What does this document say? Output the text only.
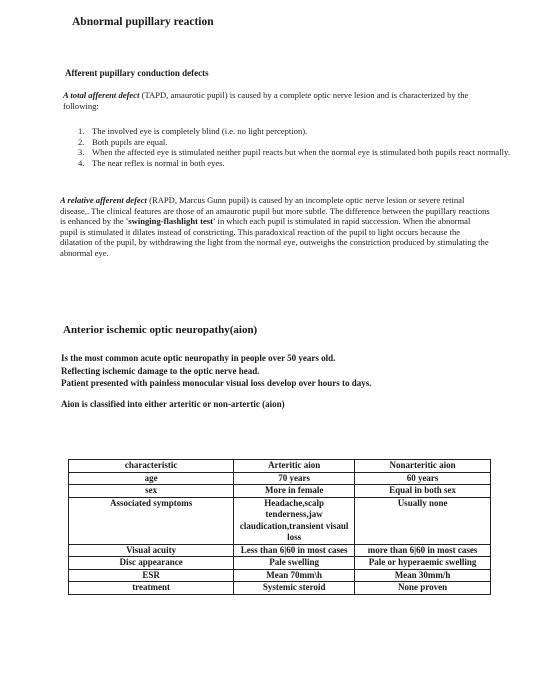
Abnormal pupillary reaction
Afferent pupillary conduction defects
A total afferent defect (TAPD, amaurotic pupil) is caused by a complete optic nerve lesion and is characterized by the following:
1. The involved eye is completely blind (i.e. no light perception).
2. Both pupils are equal.
3. When the affected eye is stimulated neither pupil reacts but when the normal eye is stimulated both pupils react normally.
4. The near reflex is normal in both eyes.
A relative afferent defect (RAPD, Marcus Gunn pupil) is caused by an incomplete optic nerve lesion or severe retinal disease,. The clinical features are those of an amaurotic pupil but more subtle. The difference between the pupillary reactions is enhanced by the 'swinging-flashlight test' in which each pupil is stimulated in rapid succession. When the abnormal pupil is stimulated it dilates instead of constricting. This paradoxical reaction of the pupil to light occurs because the dilatation of the pupil, by withdrawing the light from the normal eye, outweighs the constriction produced by stimulating the abnormal eye.
Anterior ischemic optic neuropathy(aion)
Is the most common acute optic neuropathy in people over 50 years old.
Reflecting ischemic damage to the optic nerve head.
Patient presented with painless monocular visual loss develop over hours to days.
Aion is classified into either arteritic or non-artertic (aion)
characteristic	Arteritic aion	Nonarteritic aion
age	70 years	60 years
sex	More in female	Equal in both sex
Associated symptoms	Headache,scalp tenderness,jaw claudication,transient visaul loss	Usually none
Visual acuity	Less than 6|60 in most cases	more than 6|60 in most cases
Disc appearance	Pale swelling	Pale or hyperaemic swelling
ESR	Mean 70mm\h	Mean 30mm/h
treatment	Systemic steroid	None proven
